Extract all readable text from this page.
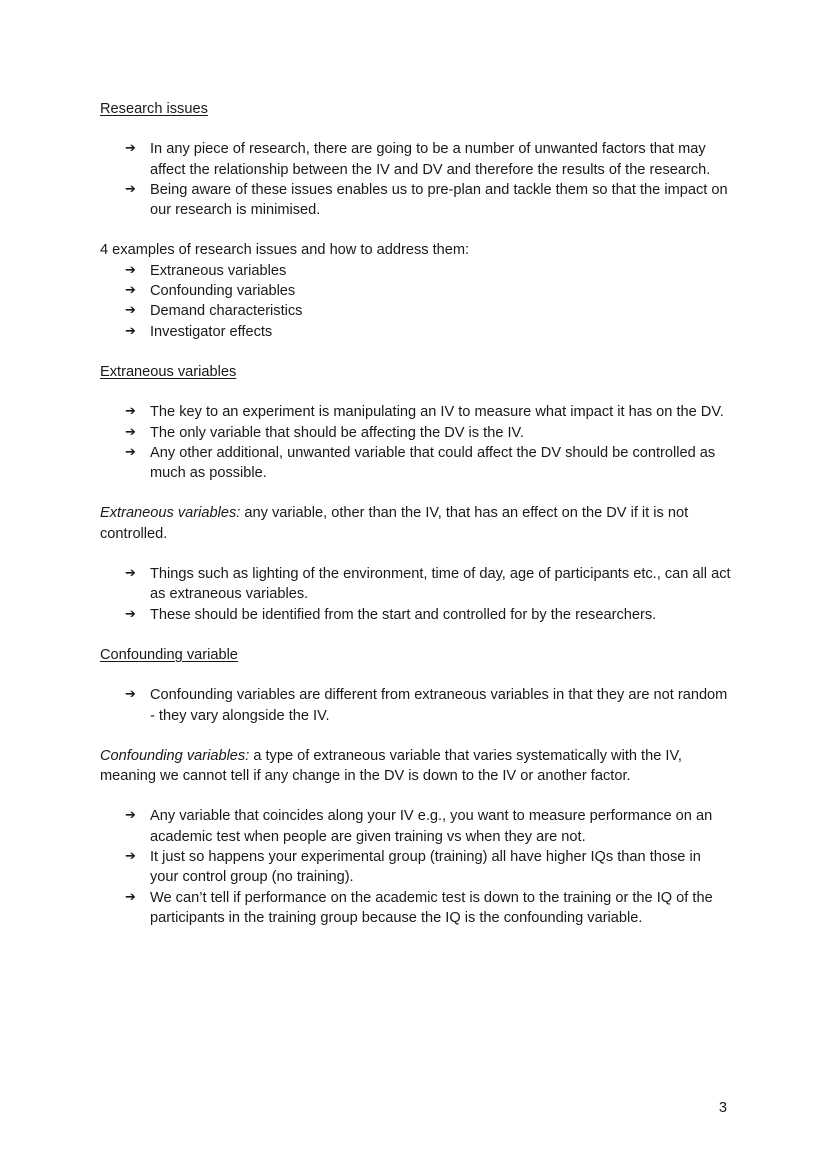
Research issues

➔ In any piece of research, there are going to be a number of unwanted factors that may affect the relationship between the IV and DV and therefore the results of the research.
➔ Being aware of these issues enables us to pre-plan and tackle them so that the impact on our research is minimised.

4 examples of research issues and how to address them:

➔ Extraneous variables
➔ Confounding variables
➔ Demand characteristics
➔ Investigator effects

Extraneous variables

➔ The key to an experiment is manipulating an IV to measure what impact it has on the DV.
➔ The only variable that should be affecting the DV is the IV.
➔ Any other additional, unwanted variable that could affect the DV should be controlled as much as possible.

Extraneous variables: any variable, other than the IV, that has an effect on the DV if it is not controlled.

➔ Things such as lighting of the environment, time of day, age of participants etc., can all act as extraneous variables.
➔ These should be identified from the start and controlled for by the researchers.

Confounding variable

➔ Confounding variables are different from extraneous variables in that they are not random - they vary alongside the IV.

Confounding variables: a type of extraneous variable that varies systematically with the IV, meaning we cannot tell if any change in the DV is down to the IV or another factor.

➔ Any variable that coincides along your IV e.g., you want to measure performance on an academic test when people are given training vs when they are not.
➔ It just so happens your experimental group (training) all have higher IQs than those in your control group (no training).
➔ We can’t tell if performance on the academic test is down to the training or the IQ of the participants in the training group because the IQ is the confounding variable.
3
